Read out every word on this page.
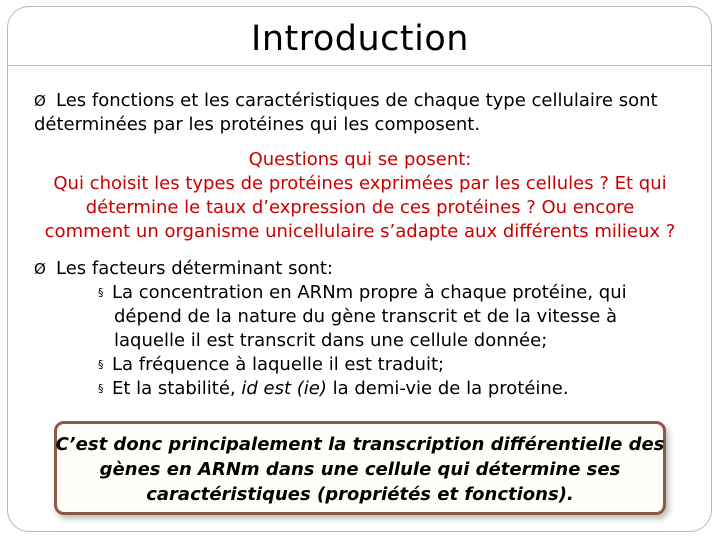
Introduction
Ø Les fonctions et les caractéristiques de chaque type cellulaire sont
déterminées par les protéines qui les composent.
Questions qui se posent:
Qui choisit les types de protéines exprimées par les cellules ? Et qui
détermine le taux d’expression de ces protéines ? Ou encore
comment un organisme unicellulaire s’adapte aux différents milieux ?
Ø Les facteurs déterminant sont:
§ La concentration en ARNm propre à chaque protéine, qui
dépend de la nature du gène transcrit et de la vitesse à
laquelle il est transcrit dans une cellule donnée;
§ La fréquence à laquelle il est traduit;
§ Et la stabilité, id est (ie) la demi-vie de la protéine.
C’est donc principalement la transcription différentielle des
gènes en ARNm dans une cellule qui détermine ses
caractéristiques (propriétés et fonctions).
